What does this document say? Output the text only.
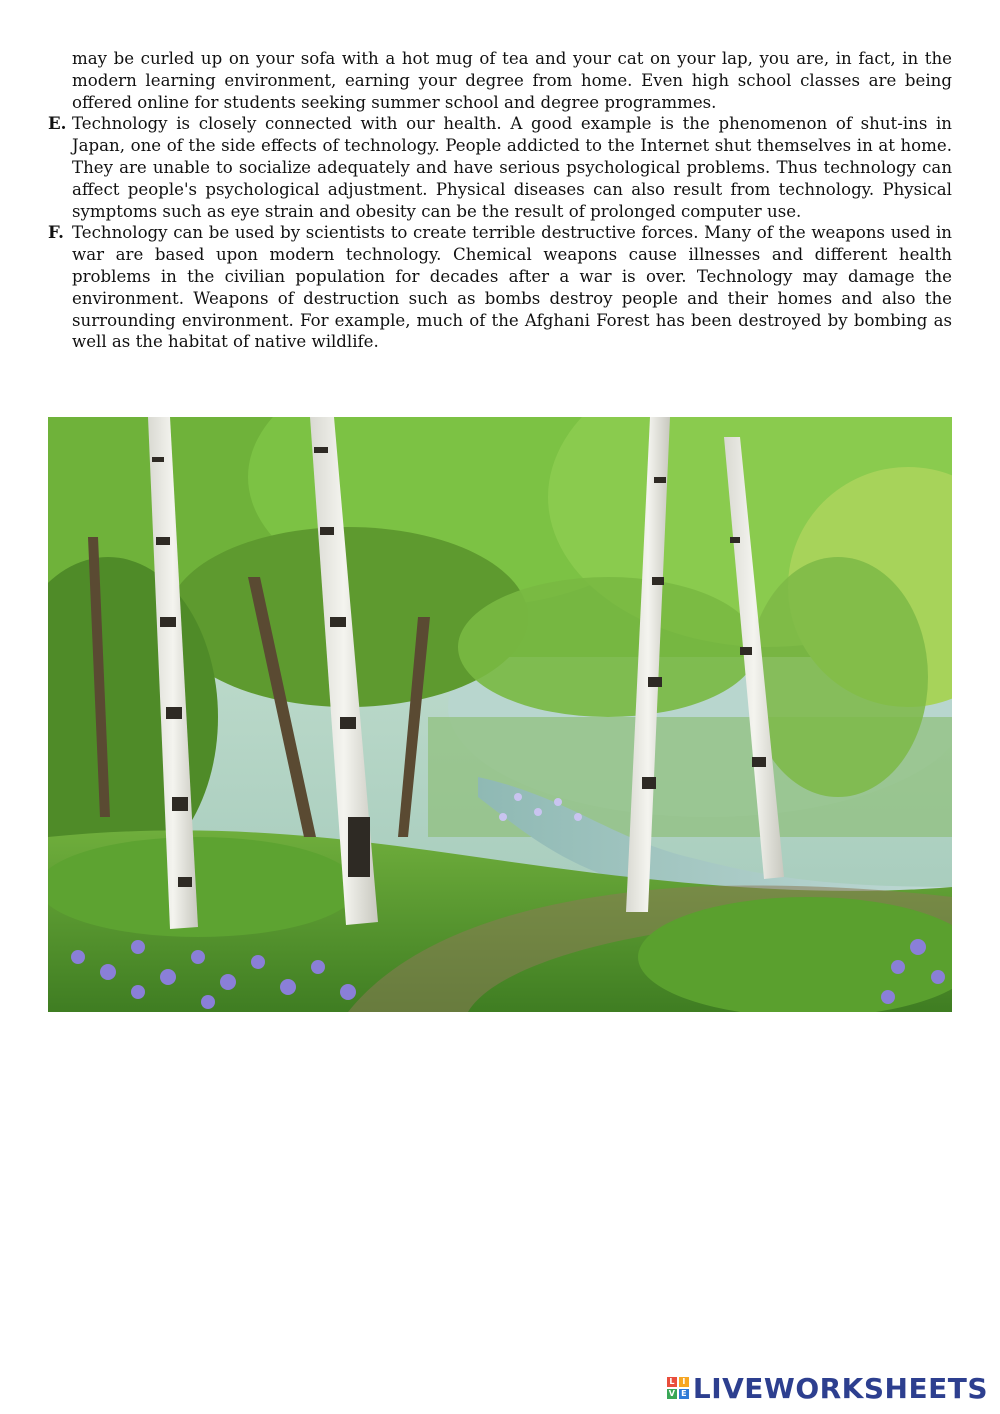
may be curled up on your sofa with a hot mug of tea and your cat on your lap, you are, in fact, in the modern learning environment, earning your degree from home. Even high school classes are being offered online for students seeking summer school and degree programmes.

E. Technology is closely connected with our health. A good example is the phenomenon of shut-ins in Japan, one of the side effects of technology. People addicted to the Internet shut themselves in at home. They are unable to socialize adequately and have serious psychological problems. Thus technology can affect people's psychological adjustment. Physical diseases can also result from technology. Physical symptoms such as eye strain and obesity can be the result of prolonged computer use.

F. Technology can be used by scientists to create terrible destructive forces. Many of the weapons used in war are based upon modern technology. Chemical weapons cause illnesses and different health problems in the civilian population for decades after a war is over. Technology may damage the environment. Weapons of destruction such as bombs destroy people and their homes and also the surrounding environment. For example, much of the Afghani Forest has been destroyed by bombing as well as the habitat of native wildlife.

L I
V E LIVEWORKSHEETS
